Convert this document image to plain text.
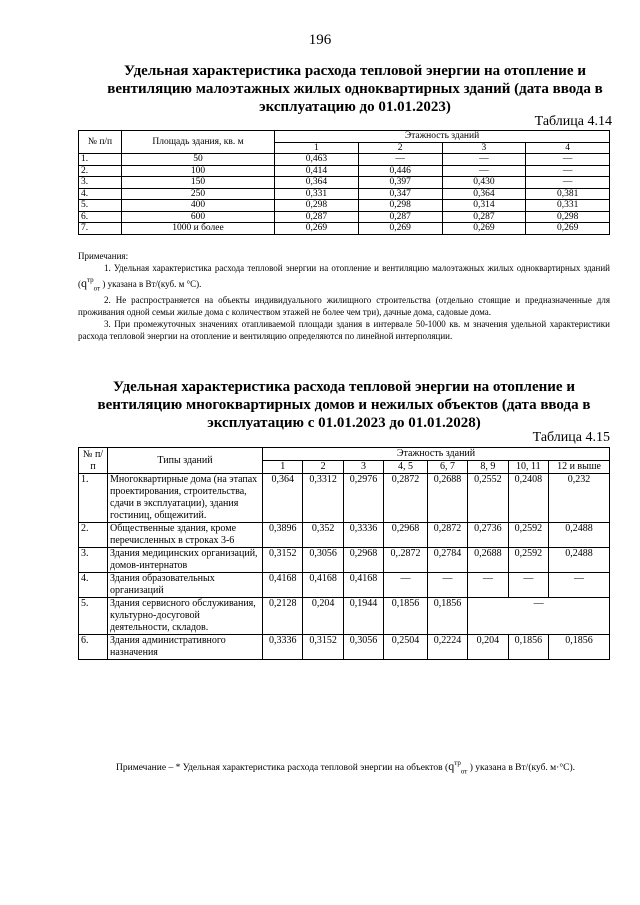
196
Удельная характеристика расхода тепловой энергии на отопление и вентиляцию малоэтажных жилых одноквартирных зданий (дата ввода в эксплуатацию до 01.01.2023)
Таблица 4.14
№ п/п	Площадь здания, кв. м	Этажность зданий			
		1	2	3	4
1.	50	0,463	—	—	—
2.	100	0,414	0,446	—	—
3.	150	0,364	0,397	0,430	—
4.	250	0,331	0,347	0,364	0,381
5.	400	0,298	0,298	0,314	0,331
6.	600	0,287	0,287	0,287	0,298
7.	1000 и более	0,269	0,269	0,269	0,269

Примечания:

1. Удельная характеристика расхода тепловой энергии на отопление и вентиляцию малоэтажных жилых одноквартирных зданий ($q^{тр}_{от}$ ) указана в Вт/(куб. м °С).

2. Не распространяется на объекты индивидуального жилищного строительства (отдельно стоящие и предназначенные для проживания одной семьи жилые дома с количеством этажей не более чем три), дачные дома, садовые дома.

3. При промежуточных значениях отапливаемой площади здания в интервале 50-1000 кв. м значения удельной характеристики расхода тепловой энергии на отопление и вентиляцию определяются по линейной интерполяции.

Удельная характеристика расхода тепловой энергии на отопление и вентиляцию многоквартирных домов и нежилых объектов (дата ввода в эксплуатацию с 01.01.2023 до 01.01.2028)
Таблица 4.15
№ п/п	Типы зданий	Этажность зданий							
		1	2	3	4, 5	6, 7	8, 9	10, 11	12 и выше
1.	Многоквартирные дома (на этапах проектирования, строительства, сдачи в эксплуатации), здания гостиниц, общежитий.	0,364	0,3312	0,2976	0,2872	0,2688	0,2552	0,2408	0,232
2.	Общественные здания, кроме перечисленных в строках 3-6	0,3896	0,352	0,3336	0,2968	0,2872	0,2736	0,2592	0,2488
3.	Здания медицинских организаций, домов-интернатов	0,3152	0,3056	0,2968	0,.2872	0,2784	0,2688	0,2592	0,2488
4.	Здания образовательных организаций	0,4168	0,4168	0,4168	—	—	—	—	—
5.	Здания сервисного обслуживания, культурно-досуговой деятельности, складов.	0,2128	0,204	0,1944	0,1856	0,1856	—		
6.	Здания административного назначения	0,3336	0,3152	0,3056	0,2504	0,2224	0,204	0,1856	0,1856
Примечание – * Удельная характеристика расхода тепловой энергии на объектов ($q^{тр}_{от}$ ) указана в Вт/(куб. м·°С).
